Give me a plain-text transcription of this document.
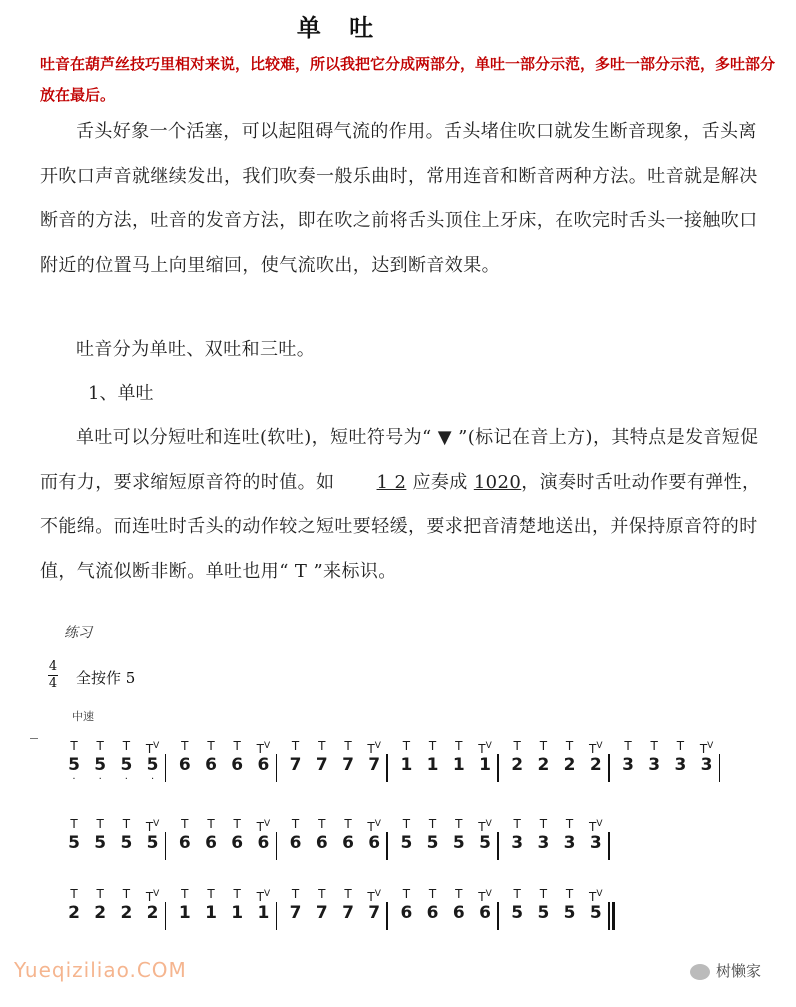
单 吐
吐音在葫芦丝技巧里相对来说，比较难，所以我把它分成两部分，单吐一部分示范，多吐一部分示范，多吐部分放在最后。
舌头好象一个活塞，可以起阻碍气流的作用。舌头堵住吹口就发生断音现象，舌头离开吹口声音就继续发出，我们吹奏一般乐曲时，常用连音和断音两种方法。吐音就是解决断音的方法，吐音的发音方法，即在吹之前将舌头顶住上牙床，在吹完时舌头一接触吹口附近的位置马上向里缩回，使气流吹出，达到断音效果。
吐音分为单吐、双吐和三吐。
1、单吐
单吐可以分短吐和连吐(软吐)，短吐符号为“ ▼ ”(标记在音上方)，其特点是发音短促而有力，要求缩短原音符的时值。如 1 2 应奏成 1020，演奏时舌吐动作要有弹性，不能绵。而连吐时舌头的动作较之短吐要轻缓，要求把音清楚地送出，并保持原音符的时值，气流似断非断。单吐也用“ T ”来标识。
练习
4
4 全按作 5
中速
T
5
·
T
5
·
T
5
·
$T^V$
5
·
T
6
T
6
T
6
$T^V$
6
T
7
T
7
T
7
$T^V$
7
T
1
T
1
T
1
$T^V$
1
T
2
T
2
T
2
$T^V$
2
T
3
T
3
T
3
$T^V$
3
T
5
T
5
T
5
$T^V$
5
T
6
T
6
T
6
$T^V$
6
T
6
T
6
T
6
$T^V$
6
T
5
T
5
T
5
$T^V$
5
T
3
T
3
T
3
$T^V$
3
T
2
T
2
T
2
$T^V$
2
T
1
T
1
T
1
$T^V$
1
T
7
T
7
T
7
$T^V$
7
T
6
T
6
T
6
$T^V$
6
T
5
T
5
T
5
$T^V$
5
Yueqiziliao.COM	树懒家
